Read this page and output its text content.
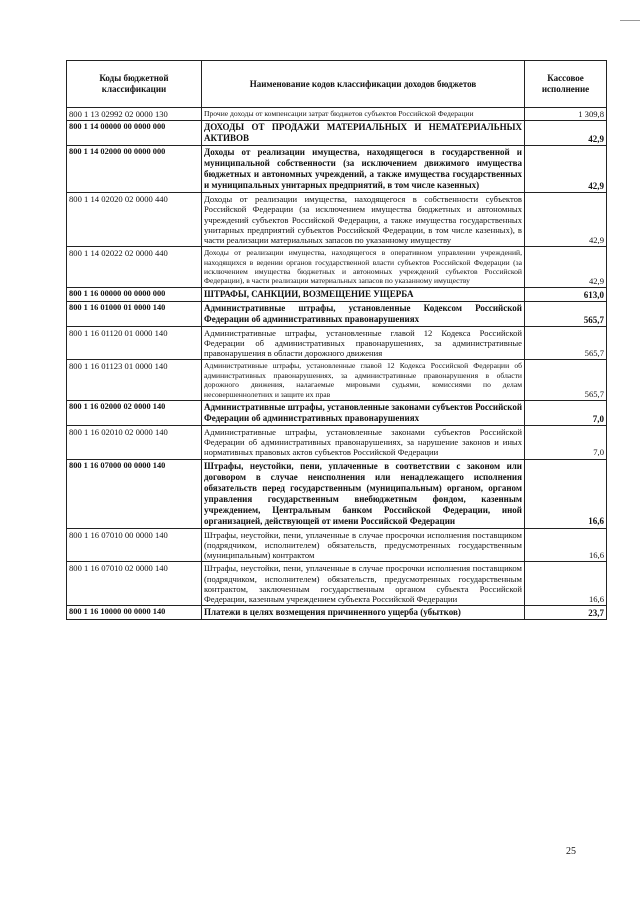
Коды бюджетной классификации	Наименование кодов классификации доходов бюджетов	Кассовое исполнение
800 1 13 02992 02 0000 130	Прочие доходы от компенсации затрат бюджетов субъектов Российской Федерации	1 309,8
800 1 14 00000 00 0000 000	ДОХОДЫ ОТ ПРОДАЖИ МАТЕРИАЛЬНЫХ И НЕМАТЕРИАЛЬНЫХ АКТИВОВ	42,9
800 1 14 02000 00 0000 000	Доходы от реализации имущества, находящегося в государственной и муниципальной собственности (за исключением движимого имущества бюджетных и автономных учреждений, а также имущества государственных и муниципальных унитарных предприятий, в том числе казенных)	42,9
800 1 14 02020 02 0000 440	Доходы от реализации имущества, находящегося в собственности субъектов Российской Федерации (за исключением имущества бюджетных и автономных учреждений субъектов Российской Федерации, а также имущества государственных унитарных предприятий субъектов Российской Федерации, в том числе казенных), в части реализации материальных запасов по указанному имуществу	42,9
800 1 14 02022 02 0000 440	Доходы от реализации имущества, находящегося в оперативном управлении учреждений, находящихся в ведении органов государственной власти субъектов Российской Федерации (за исключением имущества бюджетных и автономных учреждений субъектов Российской Федерации), в части реализации материальных запасов по указанному имуществу	42,9
800 1 16 00000 00 0000 000	ШТРАФЫ, САНКЦИИ, ВОЗМЕЩЕНИЕ УЩЕРБА	613,0
800 1 16 01000 01 0000 140	Административные штрафы, установленные Кодексом Российской Федерации об административных правонарушениях	565,7
800 1 16 01120 01 0000 140	Административные штрафы, установленные главой 12 Кодекса Российской Федерации об административных правонарушениях, за административные правонарушения в области дорожного движения	565,7
800 1 16 01123 01 0000 140	Административные штрафы, установленные главой 12 Кодекса Российской Федерации об административных правонарушениях, за административные правонарушения в области дорожного движения, налагаемые мировыми судьями, комиссиями по делам несовершеннолетних и защите их прав	565,7
800 1 16 02000 02 0000 140	Административные штрафы, установленные законами субъектов Российской Федерации об административных правонарушениях	7,0
800 1 16 02010 02 0000 140	Административные штрафы, установленные законами субъектов Российской Федерации об административных правонарушениях, за нарушение законов и иных нормативных правовых актов субъектов Российской Федерации	7,0
800 1 16 07000 00 0000 140	Штрафы, неустойки, пени, уплаченные в соответствии с законом или договором в случае неисполнения или ненадлежащего исполнения обязательств перед государственным (муниципальным) органом, органом управления государственным внебюджетным фондом, казенным учреждением, Центральным банком Российской Федерации, иной организацией, действующей от имени Российской Федерации	16,6
800 1 16 07010 00 0000 140	Штрафы, неустойки, пени, уплаченные в случае просрочки исполнения поставщиком (подрядчиком, исполнителем) обязательств, предусмотренных государственным (муниципальным) контрактом	16,6
800 1 16 07010 02 0000 140	Штрафы, неустойки, пени, уплаченные в случае просрочки исполнения поставщиком (подрядчиком, исполнителем) обязательств, предусмотренных государственным контрактом, заключенным государственным органом субъекта Российской Федерации, казенным учреждением субъекта Российской Федерации	16,6
800 1 16 10000 00 0000 140	Платежи в целях возмещения причиненного ущерба (убытков)	23,7
25
